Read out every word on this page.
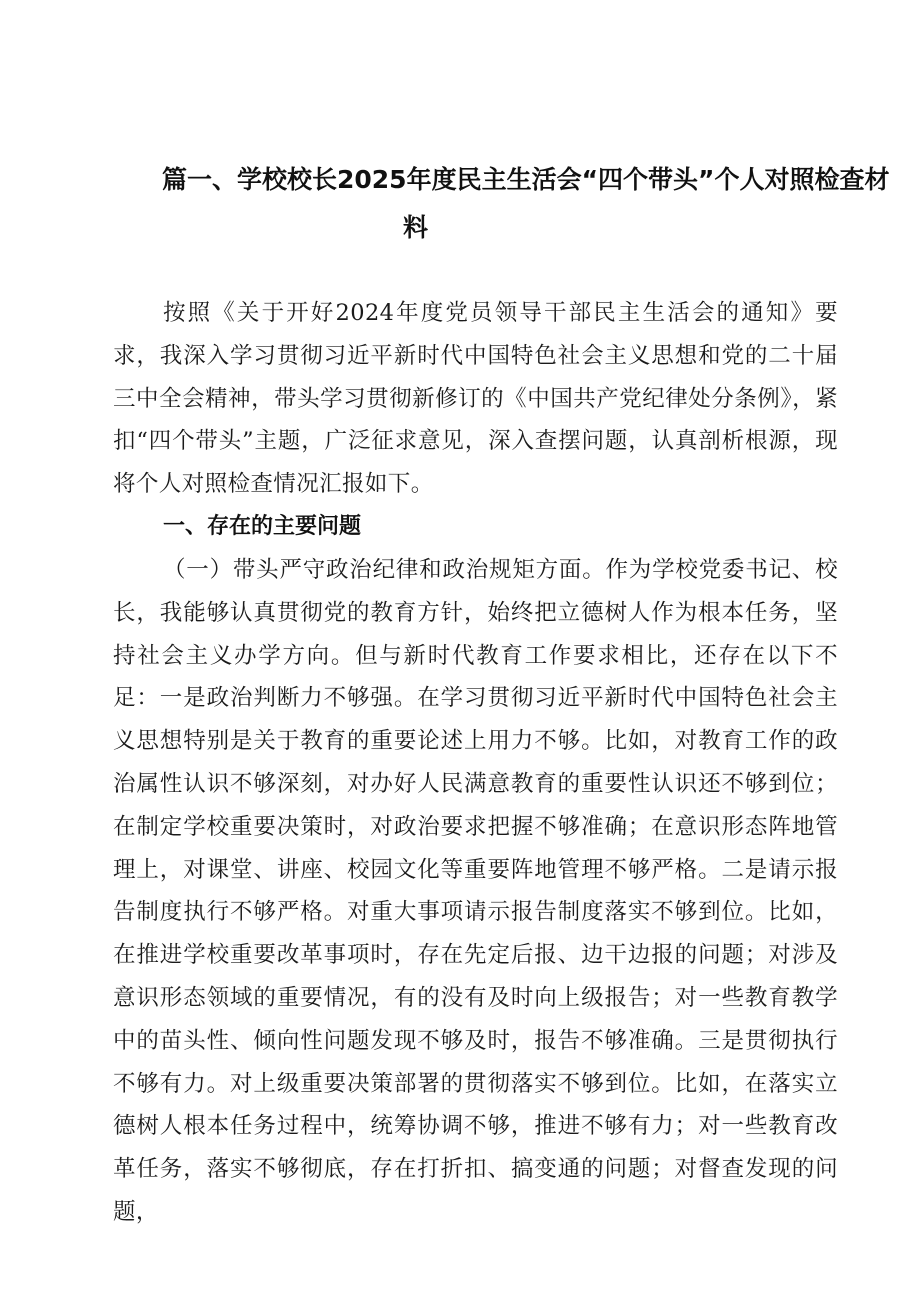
篇一、学校校长2025年度民主生活会“四个带头”个人对照检查材
料

按照《关于开好2024年度党员领导干部民主生活会的通知》要求，我深入学习贯彻习近平新时代中国特色社会主义思想和党的二十届三中全会精神，带头学习贯彻新修订的《中国共产党纪律处分条例》，紧扣“四个带头”主题，广泛征求意见，深入查摆问题，认真剖析根源，现将个人对照检查情况汇报如下。

一、存在的主要问题

（一）带头严守政治纪律和政治规矩方面。作为学校党委书记、校长，我能够认真贯彻党的教育方针，始终把立德树人作为根本任务，坚持社会主义办学方向。但与新时代教育工作要求相比，还存在以下不足：一是政治判断力不够强。在学习贯彻习近平新时代中国特色社会主义思想特别是关于教育的重要论述上用力不够。比如，对教育工作的政治属性认识不够深刻，对办好人民满意教育的重要性认识还不够到位；在制定学校重要决策时，对政治要求把握不够准确；在意识形态阵地管理上，对课堂、讲座、校园文化等重要阵地管理不够严格。二是请示报告制度执行不够严格。对重大事项请示报告制度落实不够到位。比如，在推进学校重要改革事项时，存在先定后报、边干边报的问题；对涉及意识形态领域的重要情况，有的没有及时向上级报告；对一些教育教学中的苗头性、倾向性问题发现不够及时，报告不够准确。三是贯彻执行不够有力。对上级重要决策部署的贯彻落实不够到位。比如，在落实立德树人根本任务过程中，统筹协调不够，推进不够有力；对一些教育改革任务，落实不够彻底，存在打折扣、搞变通的问题；对督查发现的问题，
